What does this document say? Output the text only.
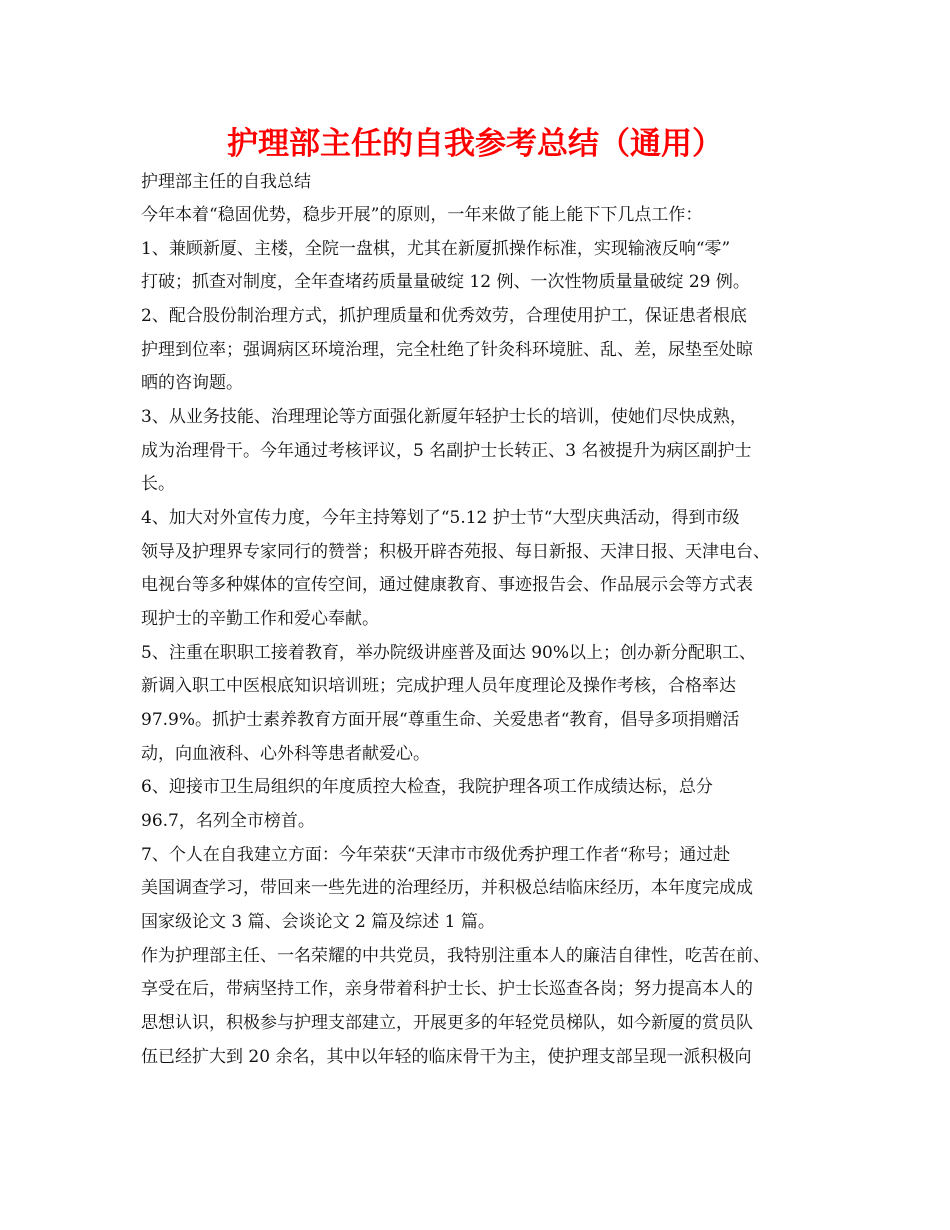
护理部主任的自我参考总结（通用）

护理部主任的自我总结

今年本着“稳固优势，稳步开展”的原则，一年来做了能上能下下几点工作：

1、兼顾新厦、主楼，全院一盘棋，尤其在新厦抓操作标准，实现输液反响“零”

打破；抓查对制度，全年查堵药质量量破绽 12 例、一次性物质量量破绽 29 例。

2、配合股份制治理方式，抓护理质量和优秀效劳，合理使用护工，保证患者根底

护理到位率；强调病区环境治理，完全杜绝了针灸科环境脏、乱、差，尿垫至处晾

晒的咨询题。

3、从业务技能、治理理论等方面强化新厦年轻护士长的培训，使她们尽快成熟，

成为治理骨干。今年通过考核评议，5 名副护士长转正、3 名被提升为病区副护士

长。

4、加大对外宣传力度，今年主持筹划了“5.12 护士节“大型庆典活动，得到市级

领导及护理界专家同行的赞誉；积极开辟杏苑报、每日新报、天津日报、天津电台、

电视台等多种媒体的宣传空间，通过健康教育、事迹报告会、作品展示会等方式表

现护士的辛勤工作和爱心奉献。

5、注重在职职工接着教育，举办院级讲座普及面达 90%以上；创办新分配职工、

新调入职工中医根底知识培训班；完成护理人员年度理论及操作考核，合格率达

97.9%。抓护士素养教育方面开展“尊重生命、关爱患者“教育，倡导多项捐赠活

动，向血液科、心外科等患者献爱心。

6、迎接市卫生局组织的年度质控大检查，我院护理各项工作成绩达标，总分

96.7，名列全市榜首。

7、个人在自我建立方面：今年荣获“天津市市级优秀护理工作者“称号；通过赴

美国调查学习，带回来一些先进的治理经历，并积极总结临床经历，本年度完成成

国家级论文 3 篇、会谈论文 2 篇及综述 1 篇。

作为护理部主任、一名荣耀的中共党员，我特别注重本人的廉洁自律性，吃苦在前、

享受在后，带病坚持工作，亲身带着科护士长、护士长巡查各岗；努力提高本人的

思想认识，积极参与护理支部建立，开展更多的年轻党员梯队，如今新厦的赏员队

伍已经扩大到 20 余名，其中以年轻的临床骨干为主，使护理支部呈现一派积极向
